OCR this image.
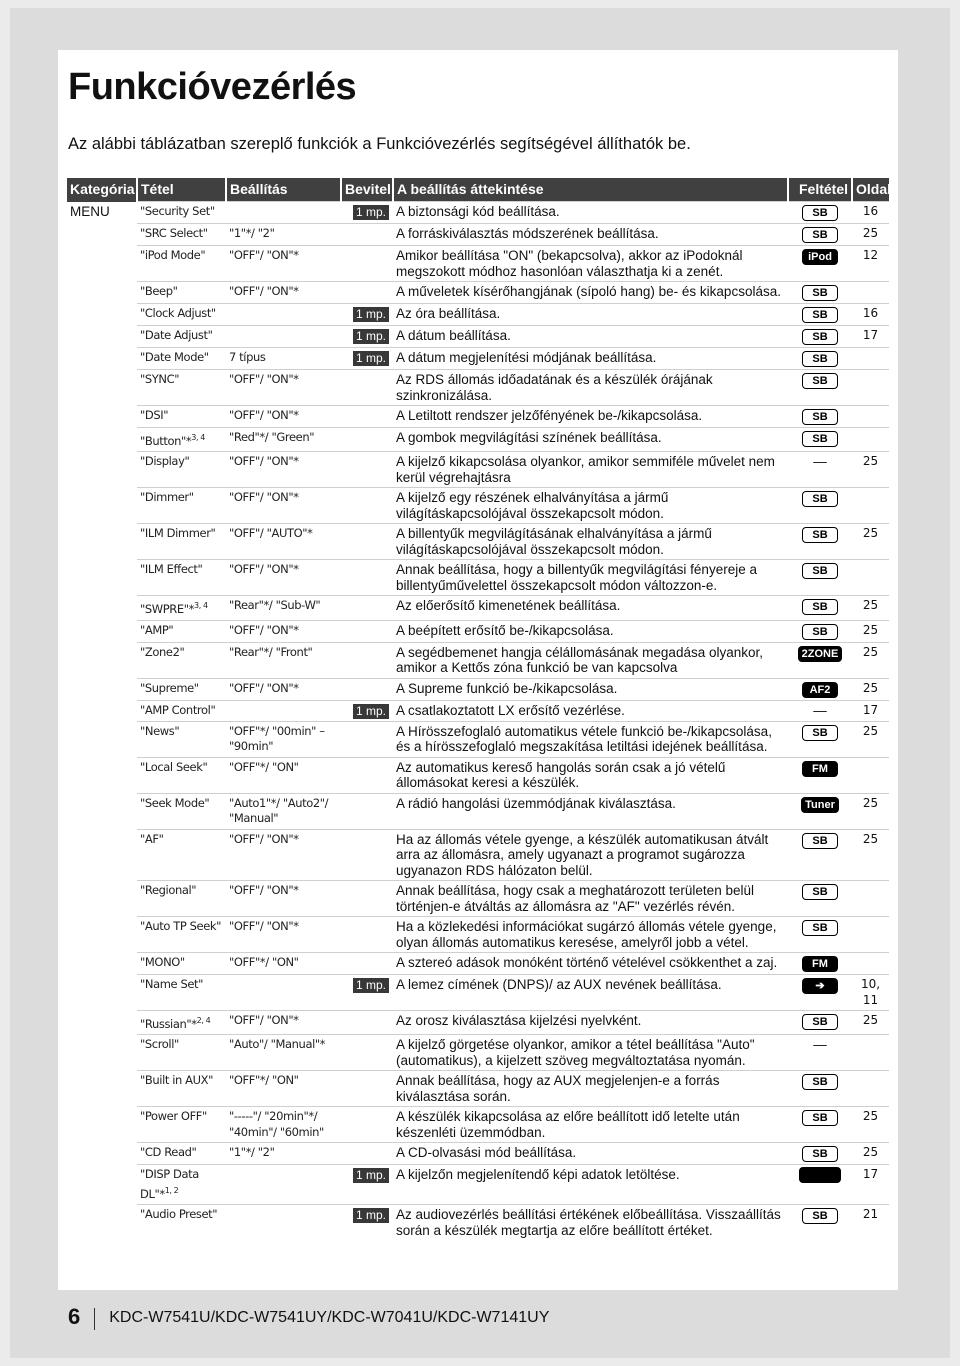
Funkcióvezérlés

Az alábbi táblázatban szereplő funkciók a Funkcióvezérlés segítségével állíthatók be.

Kategória	Tétel	Beállítás	Bevitel	A beállítás áttekintése	Feltétel	Oldal
MENU	"Security Set"		1 mp.	A biztonsági kód beállítása.	SB	16
	"SRC Select"	"1"*/ "2"		A forráskiválasztás módszerének beállítása.	SB	25
	"iPod Mode"	"OFF"/ "ON"*		Amikor beállítása "ON" (bekapcsolva), akkor az iPodoknál megszokott módhoz hasonlóan választhatja ki a zenét.	iPod	12
	"Beep"	"OFF"/ "ON"*		A műveletek kísérőhangjának (sípoló hang) be- és kikapcsolása.	SB	
	"Clock Adjust"		1 mp.	Az óra beállítása.	SB	16
	"Date Adjust"		1 mp.	A dátum beállítása.	SB	17
	"Date Mode"	7 típus	1 mp.	A dátum megjelenítési módjának beállítása.	SB	
	"SYNC"	"OFF"/ "ON"*		Az RDS állomás időadatának és a készülék órájának szinkronizálása.	SB	
	"DSI"	"OFF"/ "ON"*		A Letiltott rendszer jelzőfényének be-/kikapcsolása.	SB	
	"Button"*$^{3, 4}$	"Red"*/ "Green"		A gombok megvilágítási színének beállítása.	SB	
	"Display"	"OFF"/ "ON"*		A kijelző kikapcsolása olyankor, amikor semmiféle művelet nem kerül végrehajtásra	—	25
	"Dimmer"	"OFF"/ "ON"*		A kijelző egy részének elhalványítása a jármű világításkapcsolójával összekapcsolt módon.	SB	
	"ILM Dimmer"	"OFF"/ "AUTO"*		A billentyűk megvilágításának elhalványítása a jármű világításkapcsolójával összekapcsolt módon.	SB	25
	"ILM Effect"	"OFF"/ "ON"*		Annak beállítása, hogy a billentyűk megvilágítási fényereje a billentyűművelettel összekapcsolt módon változzon-e.	SB	
	"SWPRE"*$^{3, 4}$	"Rear"*/ "Sub-W"		Az előerősítő kimenetének beállítása.	SB	25
	"AMP"	"OFF"/ "ON"*		A beépített erősítő be-/kikapcsolása.	SB	25
	"Zone2"	"Rear"*/ "Front"		A segédbemenet hangja célállomásának megadása olyankor, amikor a Kettős zóna funkció be van kapcsolva	2ZONE	25
	"Supreme"	"OFF"/ "ON"*		A Supreme funkció be-/kikapcsolása.	AF2	25
	"AMP Control"		1 mp.	A csatlakoztatott LX erősítő vezérlése.	—	17
	"News"	"OFF"*/ "00min" – "90min"		A Hírösszefoglaló automatikus vétele funkció be-/kikapcsolása, és a hírösszefoglaló megszakítása letiltási idejének beállítása.	SB	25
	"Local Seek"	"OFF"*/ "ON"		Az automatikus kereső hangolás során csak a jó vételű állomásokat keresi a készülék.	FM	
	"Seek Mode"	"Auto1"*/ "Auto2"/ "Manual"		A rádió hangolási üzemmódjának kiválasztása.	Tuner	25
	"AF"	"OFF"/ "ON"*		Ha az állomás vétele gyenge, a készülék automatikusan átvált arra az állomásra, amely ugyanazt a programot sugározza ugyanazon RDS hálózaton belül.	SB	25
	"Regional"	"OFF"/ "ON"*		Annak beállítása, hogy csak a meghatározott területen belül történjen-e átváltás az állomásra az "AF" vezérlés révén.	SB	
	"Auto TP Seek"	"OFF"/ "ON"*		Ha a közlekedési információkat sugárzó állomás vétele gyenge, olyan állomás automatikus keresése, amelyről jobb a vétel.	SB	
	"MONO"	"OFF"*/ "ON"		A sztereó adások monóként történő vételével csökkenthet a zaj.	FM	
	"Name Set"		1 mp.	A lemez címének (DNPS)/ az AUX nevének beállítása.	➔	10, 11
	"Russian"*$^{2, 4}$	"OFF"/ "ON"*		Az orosz kiválasztása kijelzési nyelvként.	SB	25
	"Scroll"	"Auto"/ "Manual"*		A kijelző görgetése olyankor, amikor a tétel beállítása "Auto" (automatikus), a kijelzett szöveg megváltoztatása nyomán.	—	
	"Built in AUX"	"OFF"*/ "ON"		Annak beállítása, hogy az AUX megjelenjen-e a forrás kiválasztása során.	SB	
	"Power OFF"	"-----"/ "20min"*/ "40min"/ "60min"		A készülék kikapcsolása az előre beállított idő letelte után készenléti üzemmódban.	SB	25
	"CD Read"	"1"*/ "2"		A CD-olvasási mód beállítása.	SB	25
	"DISP Data DL"*$^{1, 2}$		1 mp.	A kijelzőn megjelenítendő képi adatok letöltése.		17
	"Audio Preset"		1 mp.	Az audiovezérlés beállítási értékének előbeállítása. Visszaállítás során a készülék megtartja az előre beállított értéket.	SB	21
6 KDC-W7541U/KDC-W7541UY/KDC-W7041U/KDC-W7141UY
